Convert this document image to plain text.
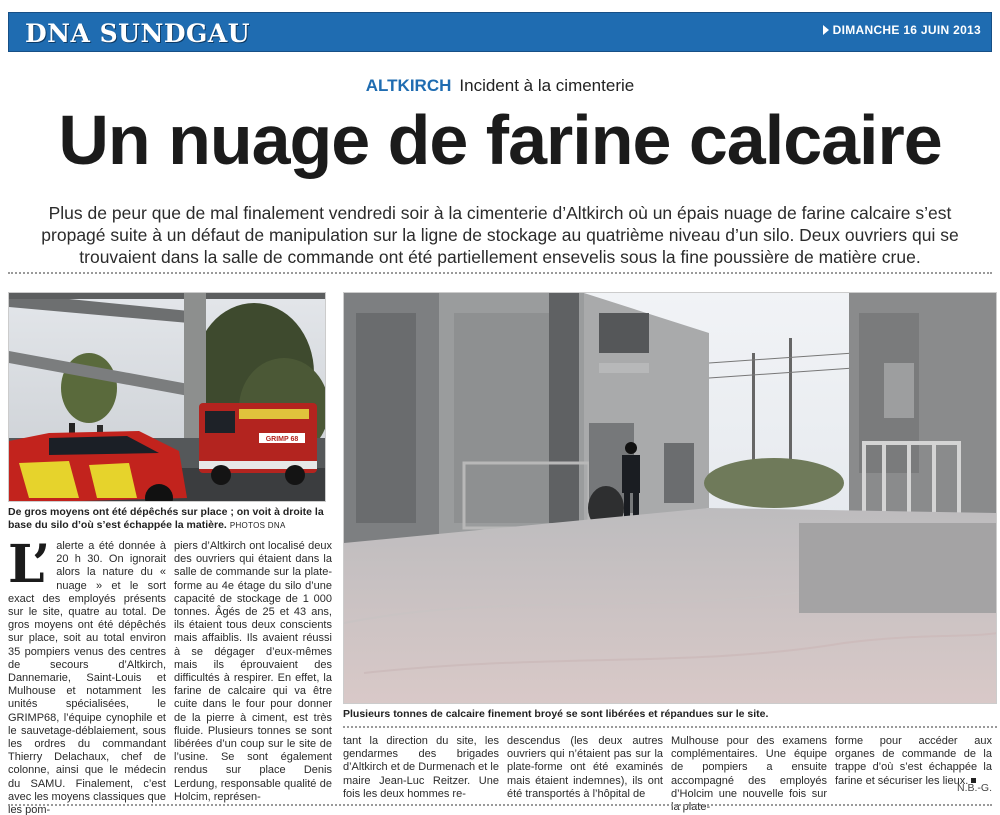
DNA SUNDGAU	DIMANCHE 16 JUIN 2013
ALTKIRCH Incident à la cimenterie
Un nuage de farine calcaire

Plus de peur que de mal finalement vendredi soir à la cimenterie d’Altkirch où un épais nuage de farine calcaire s’est propagé suite à un défaut de manipulation sur la ligne de stockage au quatrième niveau d’un silo. Deux ouvriers qui se trouvaient dans la salle de commande ont été partiellement ensevelis sous la fine poussière de matière crue.

GRIMP 68
De gros moyens ont été dépêchés sur place ; on voit à droite la base du silo d’où s’est échappée la matière. PHOTOS DNA
Plusieurs tonnes de calcaire finement broyé se sont libérées et répandues sur le site.
L’ alerte a été donnée à 20 h 30. On ignorait alors la nature du « nuage » et le sort exact des employés présents sur le site, quatre au total. De gros moyens ont été dépêchés sur place, soit au total environ 35 pompiers venus des centres de secours d’Altkirch, Dannemarie, Saint-Louis et Mulhouse et notamment les unités spécialisées, le GRIMP68, l’équipe cynophile et le sauvetage-déblaiement, sous les ordres du commandant Thierry Delachaux, chef de colonne, ainsi que le médecin du SAMU. Finalement, c’est avec les moyens classiques que les pom-
piers d’Altkirch ont localisé deux des ouvriers qui étaient dans la salle de commande sur la plate-forme au 4e étage du silo d’une capacité de stockage de 1 000 tonnes. Âgés de 25 et 43 ans, ils étaient tous deux conscients mais affaiblis. Ils avaient réussi à se dégager d’eux-mêmes mais ils éprouvaient des difficultés à respirer. En effet, la farine de calcaire qui va être cuite dans le four pour donner de la pierre à ciment, est très fluide. Plusieurs tonnes se sont libérées d’un coup sur le site de l’usine. Se sont également rendus sur place Denis Lerdung, responsable qualité de Holcim, représen-
tant la direction du site, les gendarmes des brigades d’Altkirch et de Durmenach et le maire Jean-Luc Reitzer. Une fois les deux hommes re-
descendus (les deux autres ouvriers qui n’étaient pas sur la plate-forme ont été examinés mais étaient indemnes), ils ont été transportés à l’hôpital de
Mulhouse pour des examens complémentaires. Une équipe de pompiers a ensuite accompagné des employés d’Holcim une nouvelle fois sur la plate-
forme pour accéder aux organes de commande de la trappe d’où s’est échappée la farine et sécuriser les lieux.
N.B.-G.
